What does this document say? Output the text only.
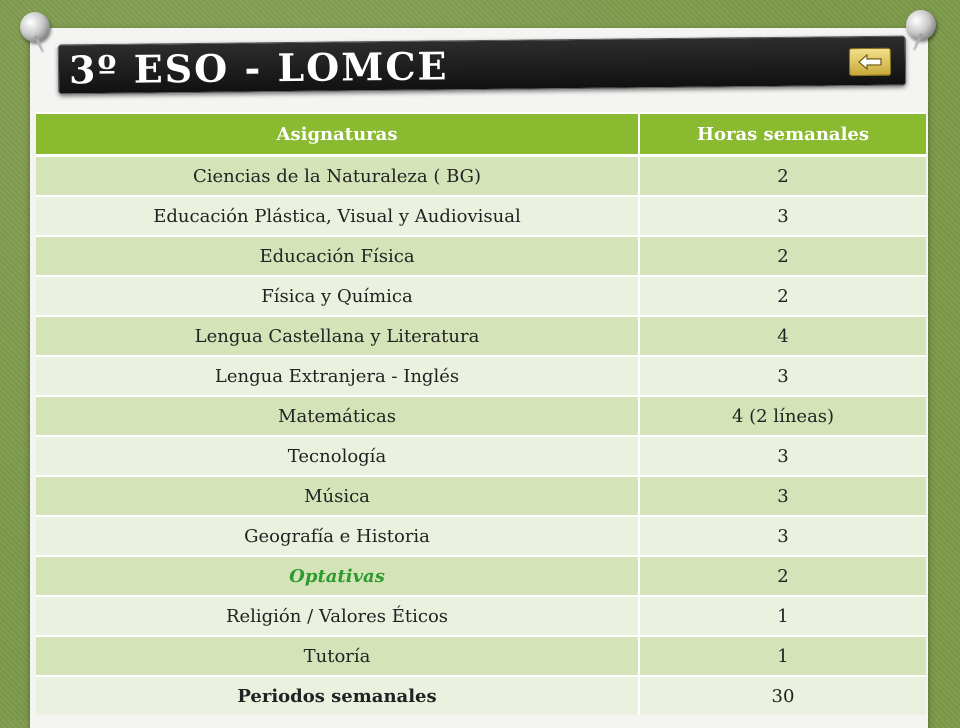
3º ESO - LOMCE
Asignaturas	Horas semanales
Ciencias de la Naturaleza ( BG)	2
Educación Plástica, Visual y Audiovisual	3
Educación Física	2
Física y Química	2
Lengua Castellana y Literatura	4
Lengua Extranjera - Inglés	3
Matemáticas	4 (2 líneas)
Tecnología	3
Música	3
Geografía e Historia	3
Optativas	2
Religión / Valores Éticos	1
Tutoría	1
Periodos semanales	30
